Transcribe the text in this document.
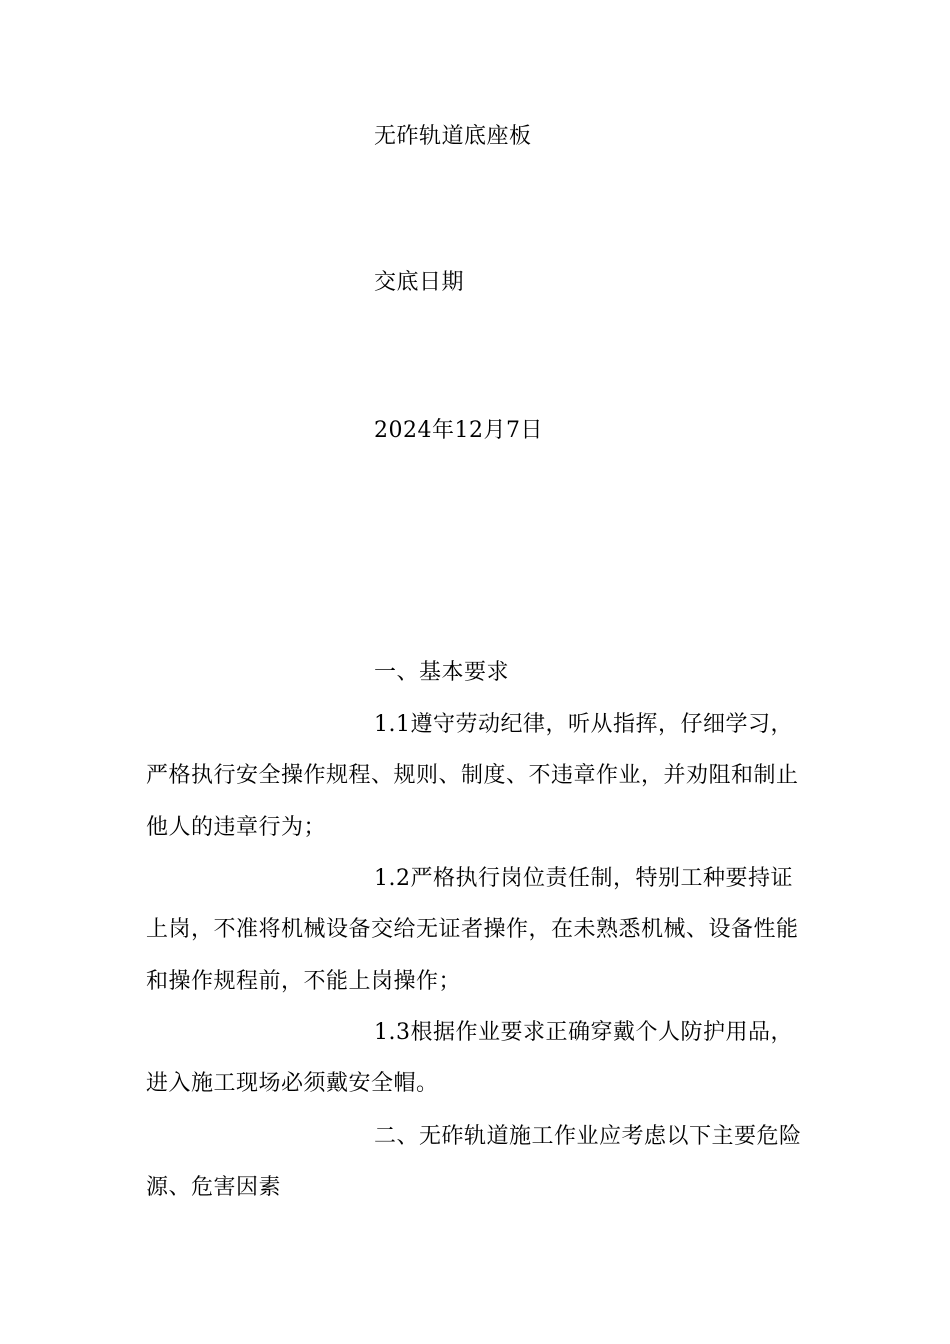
无砟轨道底座板
交底日期
2024年12月7日
一、基本要求
1.1遵守劳动纪律，听从指挥，仔细学习，
严格执行安全操作规程、规则、制度、不违章作业，并劝阻和制止
他人的违章行为；
1.2严格执行岗位责任制，特别工种要持证
上岗，不准将机械设备交给无证者操作，在未熟悉机械、设备性能
和操作规程前，不能上岗操作；
1.3根据作业要求正确穿戴个人防护用品，
进入施工现场必须戴安全帽。
二、无砟轨道施工作业应考虑以下主要危险
源、危害因素
